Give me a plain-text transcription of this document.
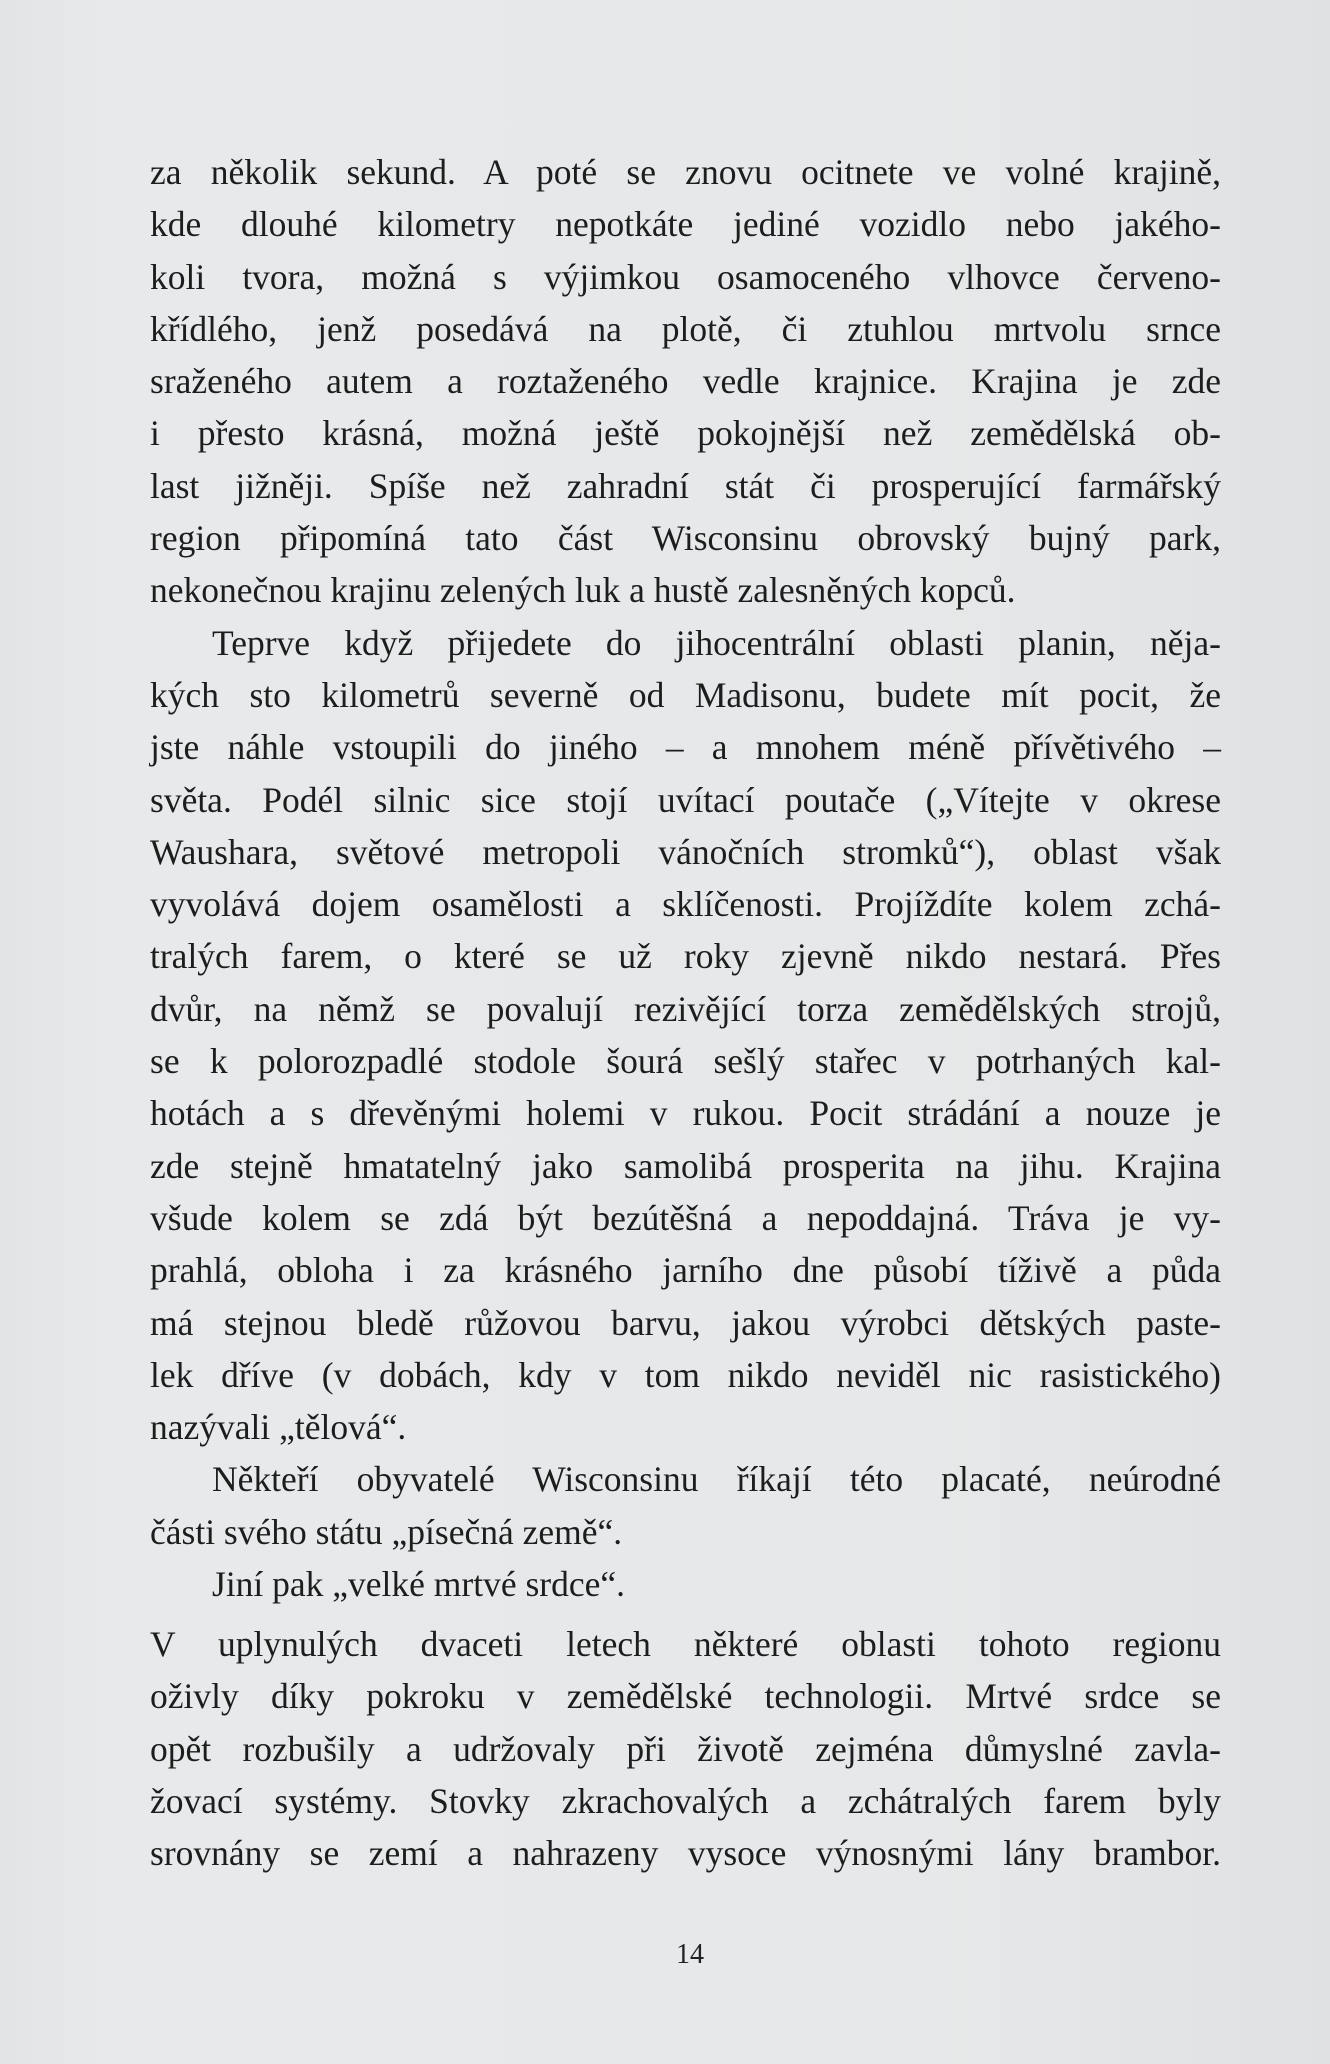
za několik sekund. A poté se znovu ocitnete ve volné krajině,
kde dlouhé kilometry nepotkáte jediné vozidlo nebo jakého-
koli tvora, možná s výjimkou osamoceného vlhovce červeno-
křídlého, jenž posedává na plotě, či ztuhlou mrtvolu srnce
sraženého autem a roztaženého vedle krajnice. Krajina je zde
i přesto krásná, možná ještě pokojnější než zemědělská ob-
last jižněji. Spíše než zahradní stát či prosperující farmářský
region připomíná tato část Wisconsinu obrovský bujný park,
nekonečnou krajinu zelených luk a hustě zalesněných kopců.
Teprve když přijedete do jihocentrální oblasti planin, něja-
kých sto kilometrů severně od Madisonu, budete mít pocit, že
jste náhle vstoupili do jiného – a mnohem méně přívětivého –
světa. Podél silnic sice stojí uvítací poutače („Vítejte v okrese
Waushara, světové metropoli vánočních stromků“), oblast však
vyvolává dojem osamělosti a sklíčenosti. Projíždíte kolem zchá-
tralých farem, o které se už roky zjevně nikdo nestará. Přes
dvůr, na němž se povalují rezivějící torza zemědělských strojů,
se k polorozpadlé stodole šourá sešlý stařec v potrhaných kal-
hotách a s dřevěnými holemi v rukou. Pocit strádání a nouze je
zde stejně hmatatelný jako samolibá prosperita na jihu. Krajina
všude kolem se zdá být bezútěšná a nepoddajná. Tráva je vy-
prahlá, obloha i za krásného jarního dne působí tíživě a půda
má stejnou bledě růžovou barvu, jakou výrobci dětských paste-
lek dříve (v dobách, kdy v tom nikdo neviděl nic rasistického)
nazývali „tělová“.
Někteří obyvatelé Wisconsinu říkají této placaté, neúrodné
části svého státu „písečná země“.
Jiní pak „velké mrtvé srdce“.
V uplynulých dvaceti letech některé oblasti tohoto regionu
oživly díky pokroku v zemědělské technologii. Mrtvé srdce se
opět rozbušily a udržovaly při životě zejména důmyslné zavla-
žovací systémy. Stovky zkrachovalých a zchátralých farem byly
srovnány se zemí a nahrazeny vysoce výnosnými lány brambor.
14
